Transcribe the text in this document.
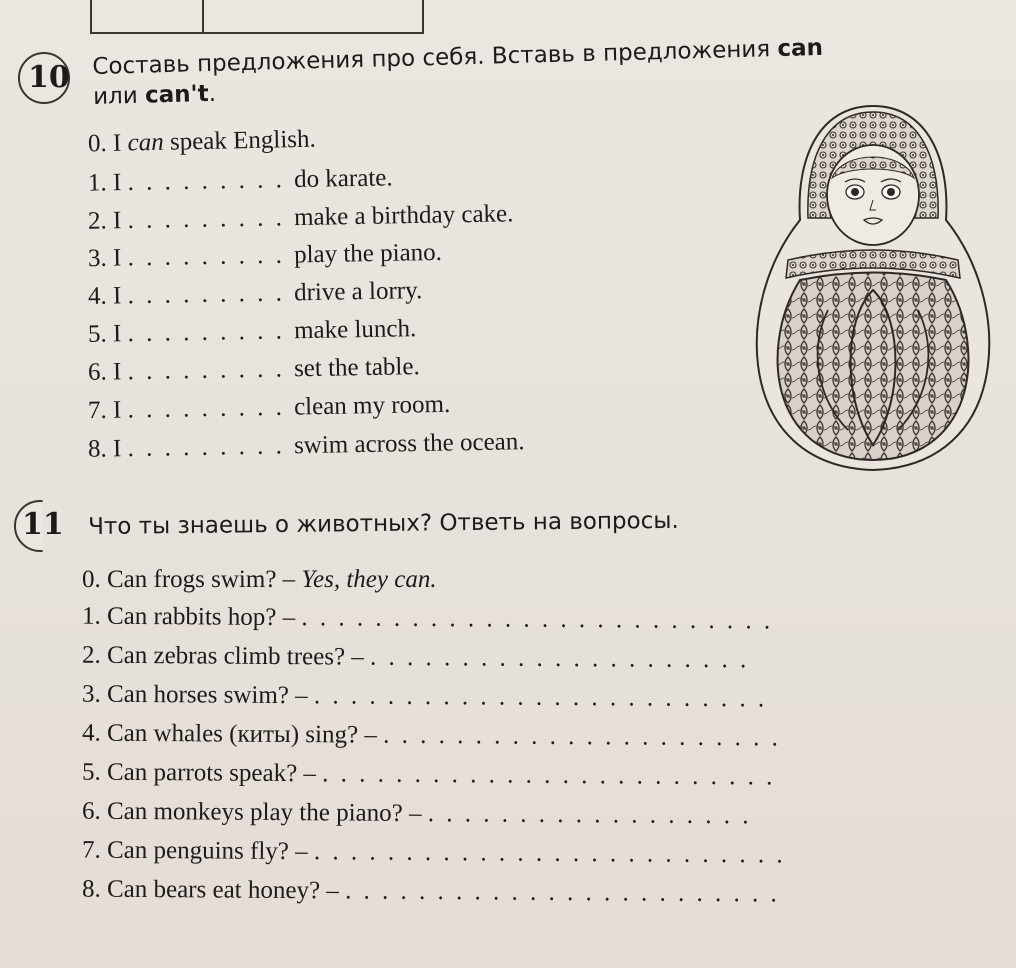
10 Составь предложения про себя. Вставь в предложения can
или can't.
0. I can speak English.
1. I . . . . . . . . . do karate.
2. I . . . . . . . . . make a birthday cake.
3. I . . . . . . . . . play the piano.
4. I . . . . . . . . . drive a lorry.
5. I . . . . . . . . . make lunch.
6. I . . . . . . . . . set the table.
7. I . . . . . . . . . clean my room.
8. I . . . . . . . . . swim across the ocean.
11 Что ты знаешь о животных? Ответь на вопросы.
0. Can frogs swim? – Yes, they can.
1. Can rabbits hop? – . . . . . . . . . . . . . . . . . . . . . . . . . .
2. Can zebras climb trees? – . . . . . . . . . . . . . . . . . . . . .
3. Can horses swim? – . . . . . . . . . . . . . . . . . . . . . . . . .
4. Can whales (киты) sing? – . . . . . . . . . . . . . . . . . . . . . .
5. Can parrots speak? – . . . . . . . . . . . . . . . . . . . . . . . . .
6. Can monkeys play the piano? – . . . . . . . . . . . . . . . . . .
7. Can penguins fly? – . . . . . . . . . . . . . . . . . . . . . . . . . .
8. Can bears eat honey? – . . . . . . . . . . . . . . . . . . . . . . . .
